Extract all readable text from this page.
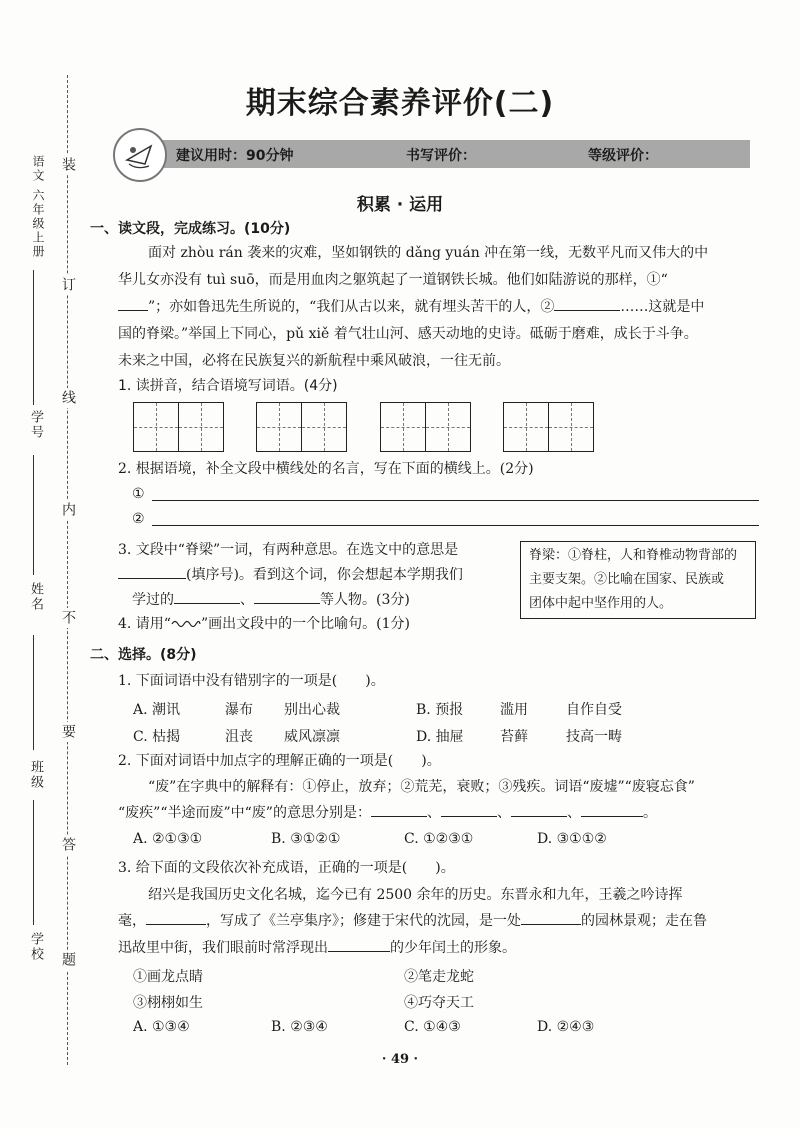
语文 六年级上册 装
订
线
内
不
要
答
题
学号
姓名
班级
学校
期末综合素养评价(二)
建议用时：90分钟	书写评价：	等级评价：
积累 · 运用
一、读文段，完成练习。(10分)
面对 zhòu rán 袭来的灾难，坚如钢铁的 dǎng yuán 冲在第一线，无数平凡而又伟大的中
华儿女亦没有 tuì suō，而是用血肉之躯筑起了一道钢铁长城。他们如陆游说的那样，①“
”；亦如鲁迅先生所说的，“我们从古以来，就有埋头苦干的人，②	……这就是中
国的脊梁。”举国上下同心，pǔ xiě 着气壮山河、感天动地的史诗。砥砺于磨难，成长于斗争。
未来之中国，必将在民族复兴的新航程中乘风破浪，一往无前。
1. 读拼音，结合语境写词语。(4分)
2. 根据语境，补全文段中横线处的名言，写在下面的横线上。(2分)
①
②
3. 文段中“脊梁”一词，有两种意思。在选文中的意思是
(填序号)。看到这个词，你会想起本学期我们
学过的	、	等人物。(3分)
脊梁：①脊柱，人和脊椎动物背部的
主要支架。②比喻在国家、民族或
团体中起中坚作用的人。
4. 请用“ ”画出文段中的一个比喻句。(1分)
二、选择。(8分)
1. 下面词语中没有错别字的一项是(　　)。
A. 潮讯	瀑布 别出心裁	B. 预报	滥用	自作自受
C. 枯揭	沮丧 威风凛凛	D. 抽屉	苔藓	技高一畴
2. 下面对词语中加点字的理解正确的一项是(　　)。
“废”在字典中的解释有：①停止，放弃；②荒芜，衰败；③残疾。词语“废墟”“废寝忘食”
“废疾”“半途而废”中“废”的意思分别是：	、	、	、	。
A. ②①③①	B. ③①②①	C. ①②③①	D. ③①①②
3. 给下面的文段依次补充成语，正确的一项是(　　)。
绍兴是我国历史文化名城，迄今已有 2500 余年的历史。东晋永和九年，王羲之吟诗挥
毫，	，写成了《兰亭集序》；修建于宋代的沈园，是一处	的园林景观；走在鲁
迅故里中街，我们眼前时常浮现出	的少年闰土的形象。
①画龙点睛	②笔走龙蛇
③栩栩如生	④巧夺天工
A. ①③④	B. ②③④	C. ①④③	D. ②④③
· 49 ·
